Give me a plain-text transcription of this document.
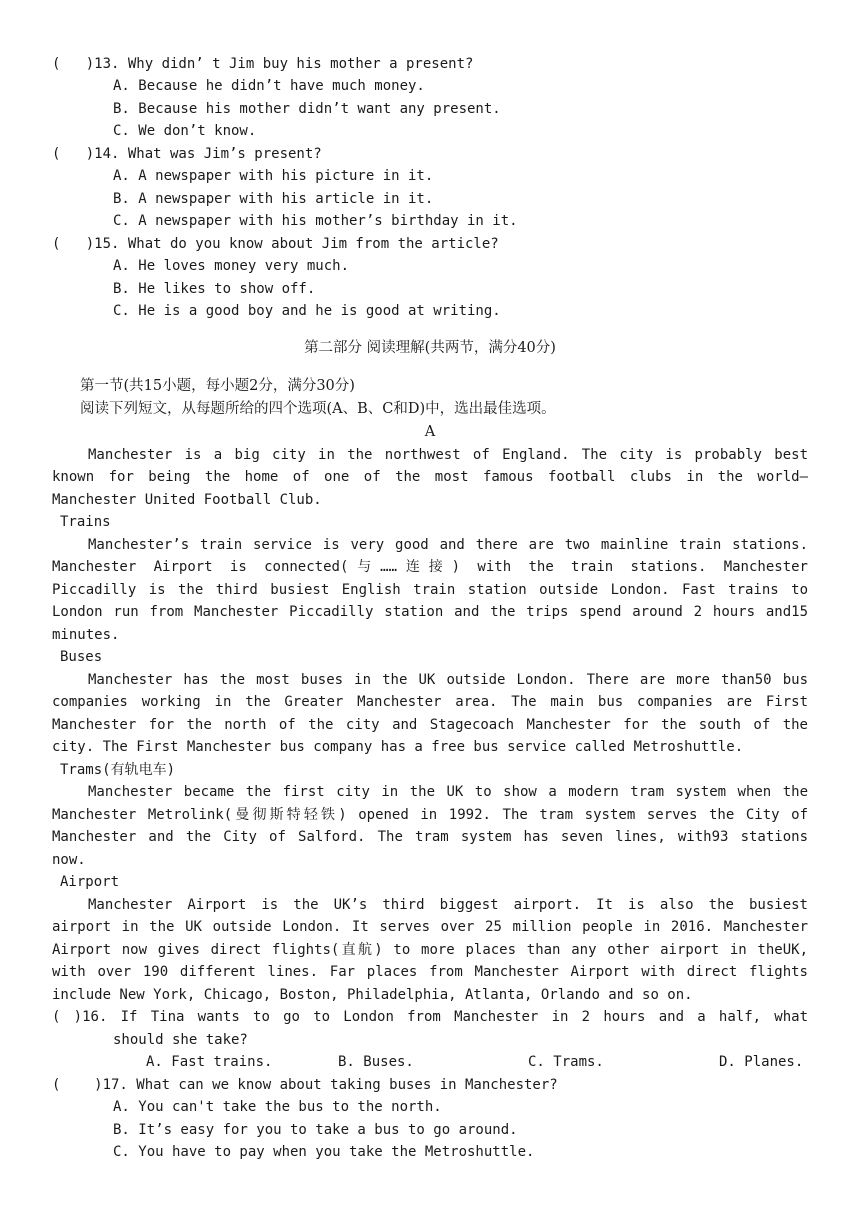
(   )13. Why didn’ t Jim buy his mother a present?
A. Because he didn’t have much money.
B. Because his mother didn’t want any present.
C. We don’t know.
(   )14. What was Jim’s present?
A. A newspaper with his picture in it.
B. A newspaper with his article in it.
C. A newspaper with his mother’s birthday in it.
(   )15. What do you know about Jim from the article?
A. He loves money very much.
B. He likes to show off.
C. He is a good boy and he is good at writing.
第二部分 阅读理解(共两节，满分40分)
第一节(共15小题，每小题2分，满分30分)
阅读下列短文，从每题所给的四个选项(A、B、C和D)中，选出最佳选项。
A
Manchester is a big city in the northwest of England. The city is probably best
known for being the home of one of the most famous football clubs in the world—
Manchester United Football Club.
Trains
Manchester’s train service is very good and there are two mainline train stations.
Manchester Airport is connected(与……连接) with the train stations. Manchester
Piccadilly is the third busiest English train station outside London. Fast trains to
London run from Manchester Piccadilly station and the trips spend around 2 hours and15
minutes.
Buses
Manchester has the most buses in the UK outside London. There are more than50 bus
companies working in the Greater Manchester area. The main bus companies are First
Manchester for the north of the city and Stagecoach Manchester for the south of the
city. The First Manchester bus company has a free bus service called Metroshuttle.
Trams(有轨电车)
Manchester became the first city in the UK to show a modern tram system when the
Manchester Metrolink(曼彻斯特轻铁) opened in 1992. The tram system serves the City of
Manchester and the City of Salford. The tram system has seven lines, with93 stations
now.
Airport
Manchester Airport is the UK’s third biggest airport. It is also the busiest
airport in the UK outside London. It serves over 25 million people in 2016. Manchester
Airport now gives direct flights(直航) to more places than any other airport in theUK,
with over 190 different lines. Far places from Manchester Airport with direct flights
include New York, Chicago, Boston, Philadelphia, Atlanta, Orlando and so on.
( )16. If Tina wants to go to London from Manchester in 2 hours and a half, what
should she take?
A. Fast trains.	B. Buses.	C. Trams.	D. Planes.
(    )17. What can we know about taking buses in Manchester?
A. You can't take the bus to the north.
B. It’s easy for you to take a bus to go around.
C. You have to pay when you take the Metroshuttle.
